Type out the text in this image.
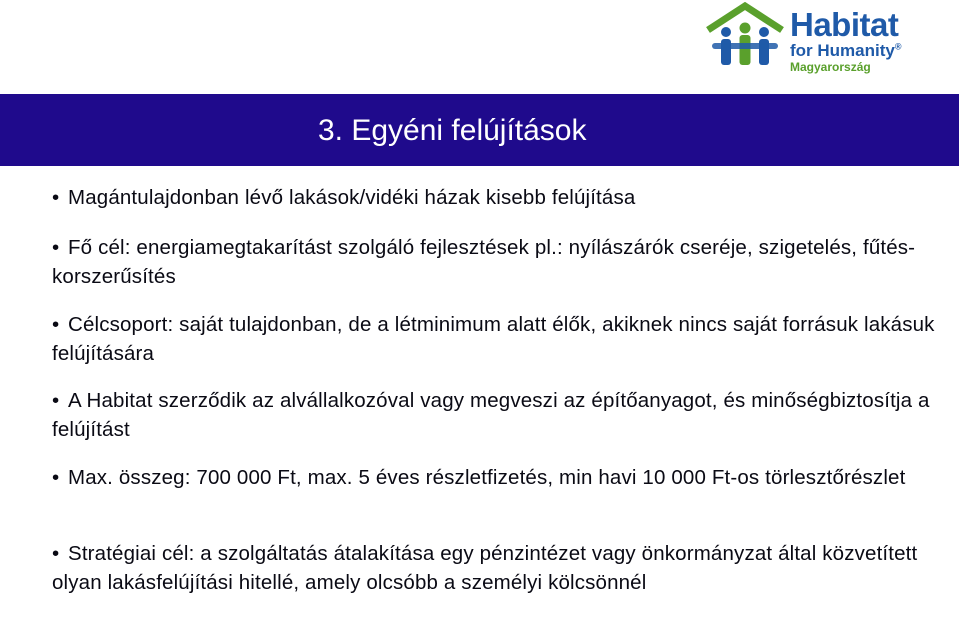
Habitat
for Humanity®
Magyarország
3. Egyéni felújítások
• Magántulajdonban lévő lakások/vidéki házak kisebb felújítása
• Fő cél: energiamegtakarítást szolgáló fejlesztések pl.: nyílászárók cseréje, szigetelés, fűtés-korszerűsítés
• Célcsoport: saját tulajdonban, de a létminimum alatt élők, akiknek nincs saját forrásuk lakásuk felújítására
• A Habitat szerződik az alvállalkozóval vagy megveszi az építőanyagot, és minőségbiztosítja a felújítást
• Max. összeg: 700 000 Ft, max. 5 éves részletfizetés, min havi 10 000 Ft-os törlesztőrészlet
• Stratégiai cél: a szolgáltatás átalakítása egy pénzintézet vagy önkormányzat által közvetített olyan lakásfelújítási hitellé, amely olcsóbb a személyi kölcsönnél
